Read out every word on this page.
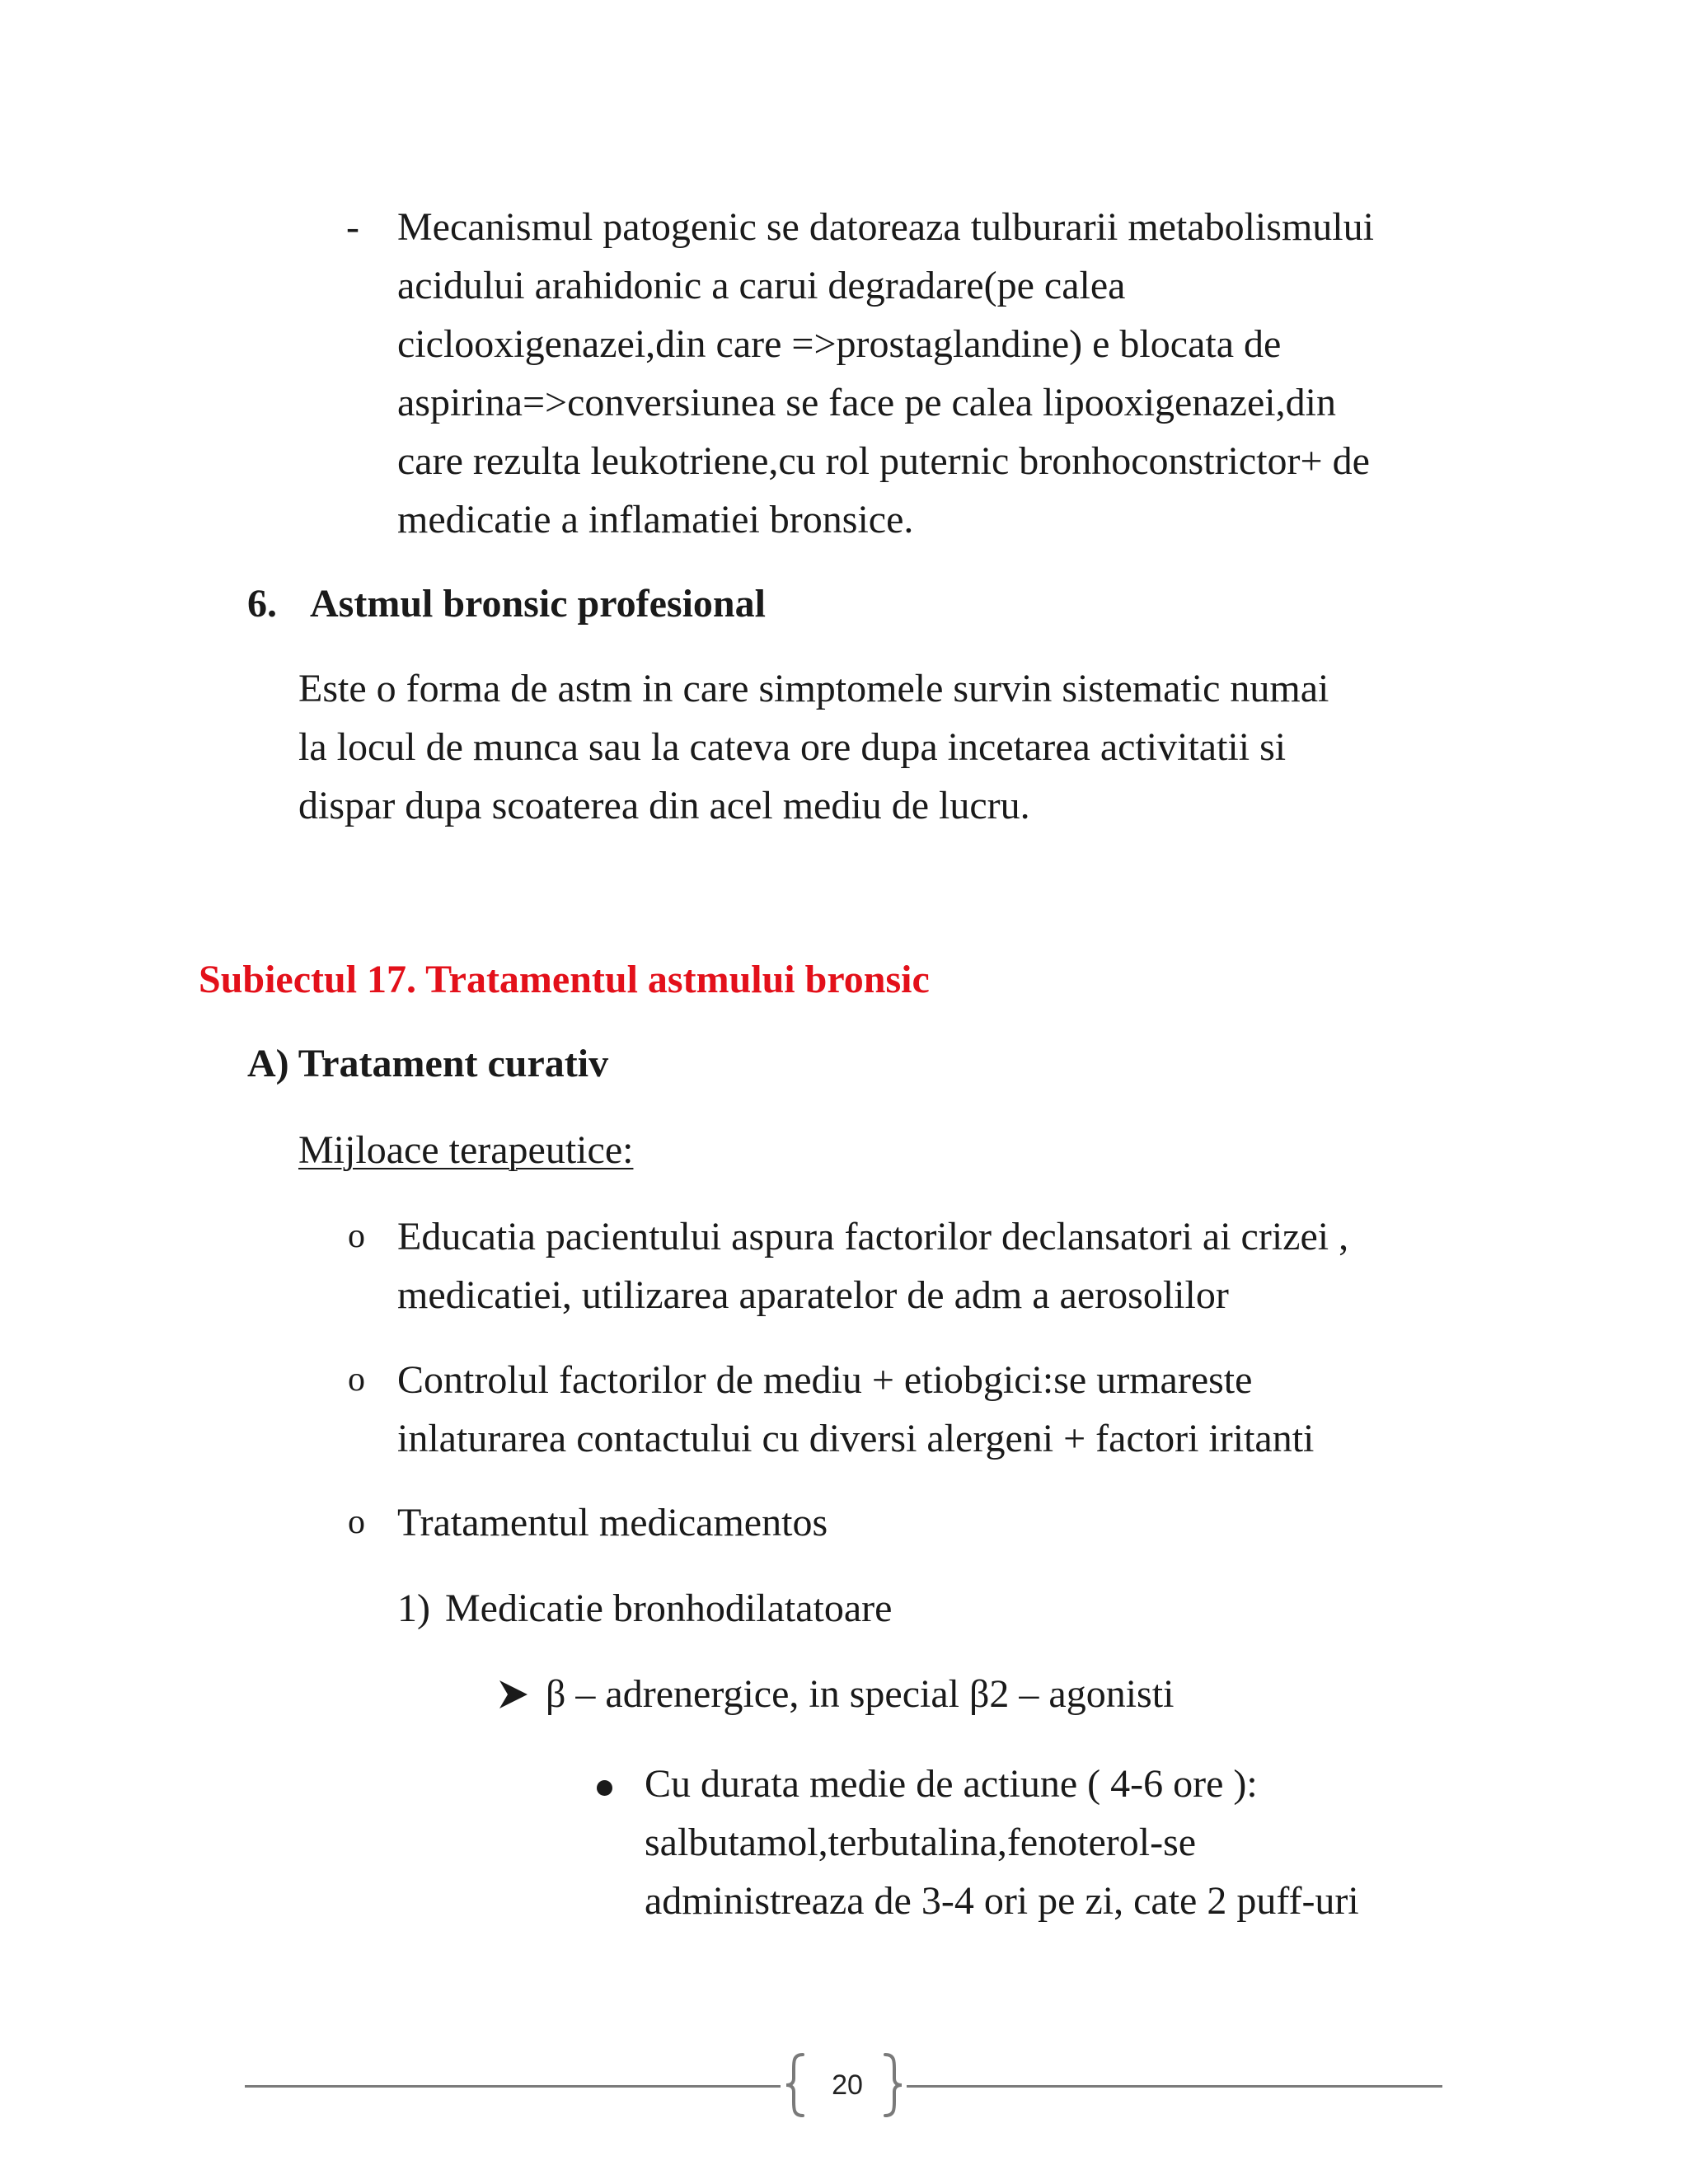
- Mecanismul patogenic se datoreaza tulburarii metabolismului
acidului arahidonic a carui degradare(pe calea
ciclooxigenazei,din care =>prostaglandine) e blocata de
aspirina=>conversiunea se face pe calea lipooxigenazei,din
care rezulta leukotriene,cu rol puternic bronhoconstrictor+ de
medicatie a inflamatiei bronsice.
6. Astmul bronsic profesional
Este o forma de astm in care simptomele survin sistematic numai
la locul de munca sau la cateva ore dupa incetarea activitatii si
dispar dupa scoaterea din acel mediu de lucru.
Subiectul 17. Tratamentul astmului bronsic
A) Tratament curativ
Mijloace terapeutice:
o Educatia pacientului aspura factorilor declansatori ai crizei ,
medicatiei, utilizarea aparatelor de adm a aerosolilor
o Controlul factorilor de mediu + etiobgici:se urmareste
inlaturarea contactului cu diversi alergeni + factori iritanti
o Tratamentul medicamentos
1) Medicatie bronhodilatatoare
β – adrenergice, in special β2 – agonisti
Cu durata medie de actiune ( 4-6 ore ):
salbutamol,terbutalina,fenoterol-se
administreaza de 3-4 ori pe zi, cate 2 puff-uri
20
